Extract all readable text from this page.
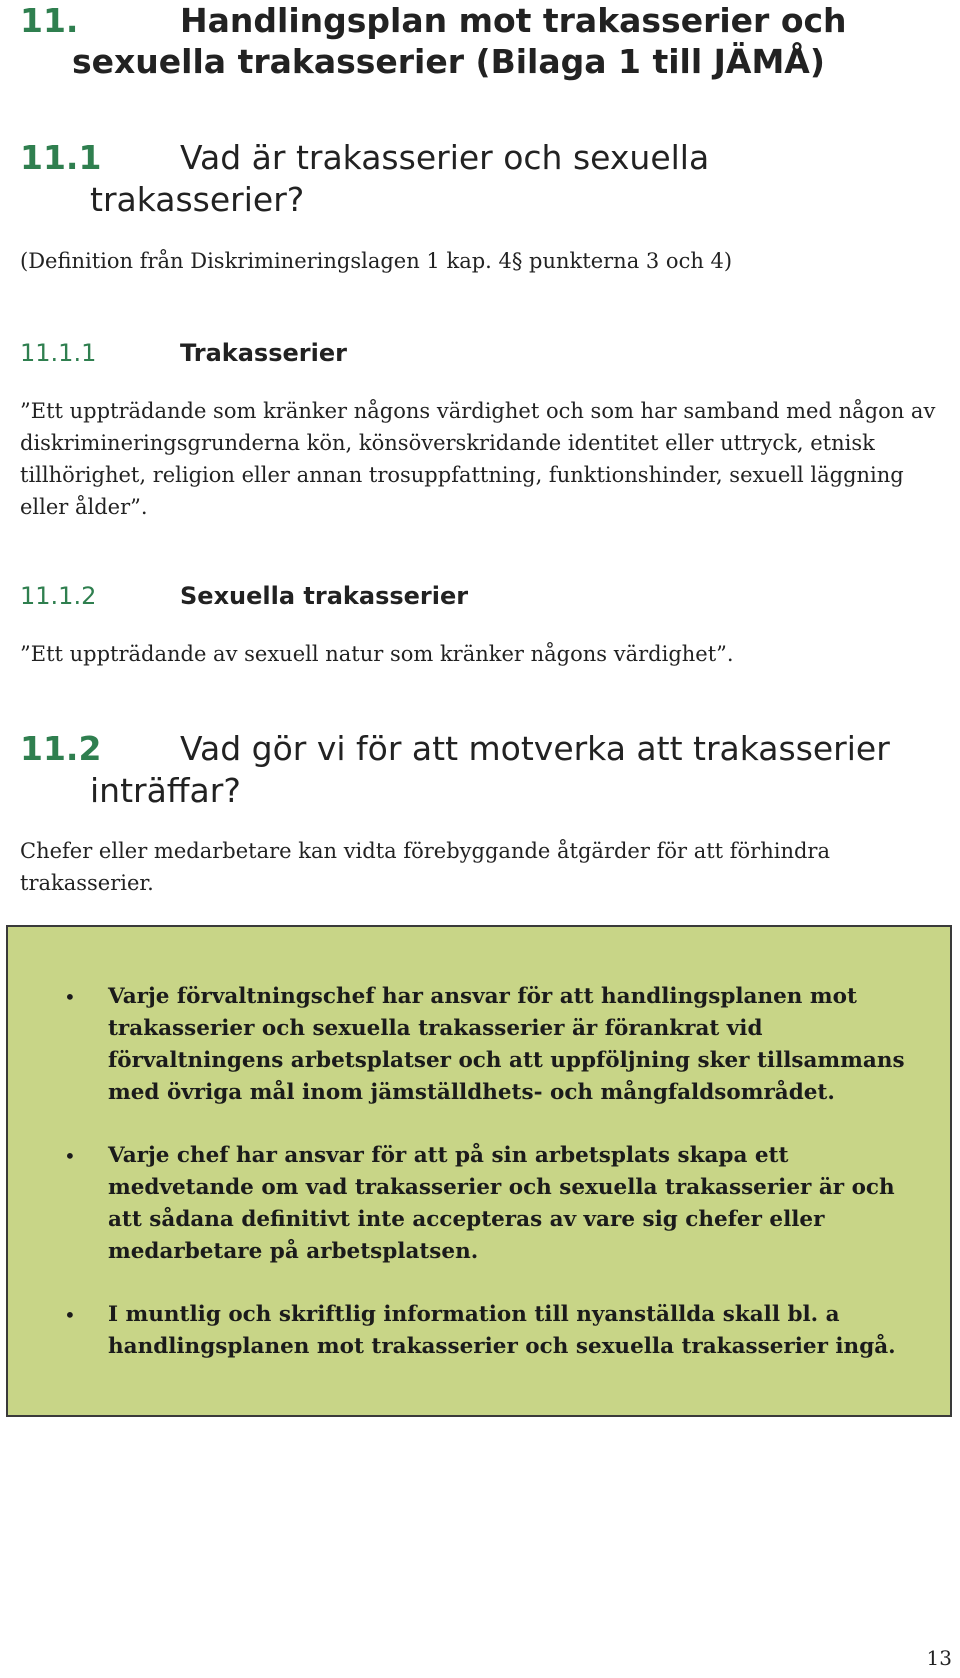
11.	Handlingsplan mot trakasserier och
sexuella trakasserier (Bilaga 1 till JÄMÅ)
11.1 Vad är trakasserier och sexuella
trakasserier?

(Definition från Diskrimineringslagen 1 kap. 4§ punkterna 3 och 4)

11.1.1	Trakasserier

”Ett uppträdande som kränker någons värdighet och som har samband med någon av diskrimineringsgrunderna kön, könsöverskridande identitet eller uttryck, etnisk tillhörighet, religion eller annan trosuppfattning, funktionshinder, sexuell läggning eller ålder”.

11.1.2	Sexuella trakasserier

”Ett uppträdande av sexuell natur som kränker någons värdighet”.

11.2 Vad gör vi för att motverka att trakasserier
inträffar?

Chefer eller medarbetare kan vidta förebyggande åtgärder för att förhindra trakasserier.

• Varje förvaltningschef har ansvar för att handlingsplanen mot trakasserier och sexuella trakasserier är förankrat vid förvaltningens arbetsplatser och att uppföljning sker tillsammans med övriga mål inom jämställdhets- och mångfaldsområdet.
• Varje chef har ansvar för att på sin arbetsplats skapa ett medvetande om vad trakasserier och sexuella trakasserier är och att sådana definitivt inte accepteras av vare sig chefer eller medarbetare på arbetsplatsen.
• I muntlig och skriftlig information till nyanställda skall bl. a handlingsplanen mot trakasserier och sexuella trakasserier ingå.
13
